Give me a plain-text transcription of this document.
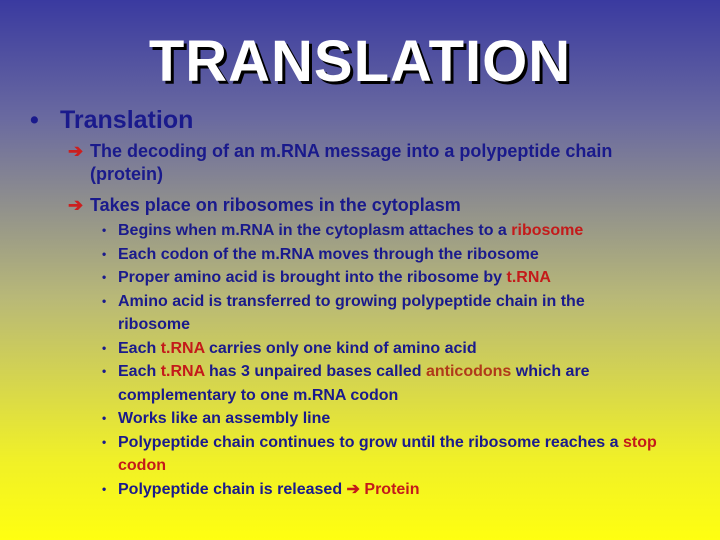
TRANSLATION
• Translation
➔ The decoding of an m.RNA message into a polypeptide chain (protein)
➔ Takes place on ribosomes in the cytoplasm
• Begins when m.RNA in the cytoplasm attaches to a ribosome
• Each codon of the m.RNA moves through the ribosome
• Proper amino acid is brought into the ribosome by t.RNA
• Amino acid is transferred to growing polypeptide chain in the ribosome
• Each t.RNA carries only one kind of amino acid
• Each t.RNA has 3 unpaired bases called anticodons which are complementary to one m.RNA codon
• Works like an assembly line
• Polypeptide chain continues to grow until the ribosome reaches a stop codon
• Polypeptide chain is released ➔ Protein
